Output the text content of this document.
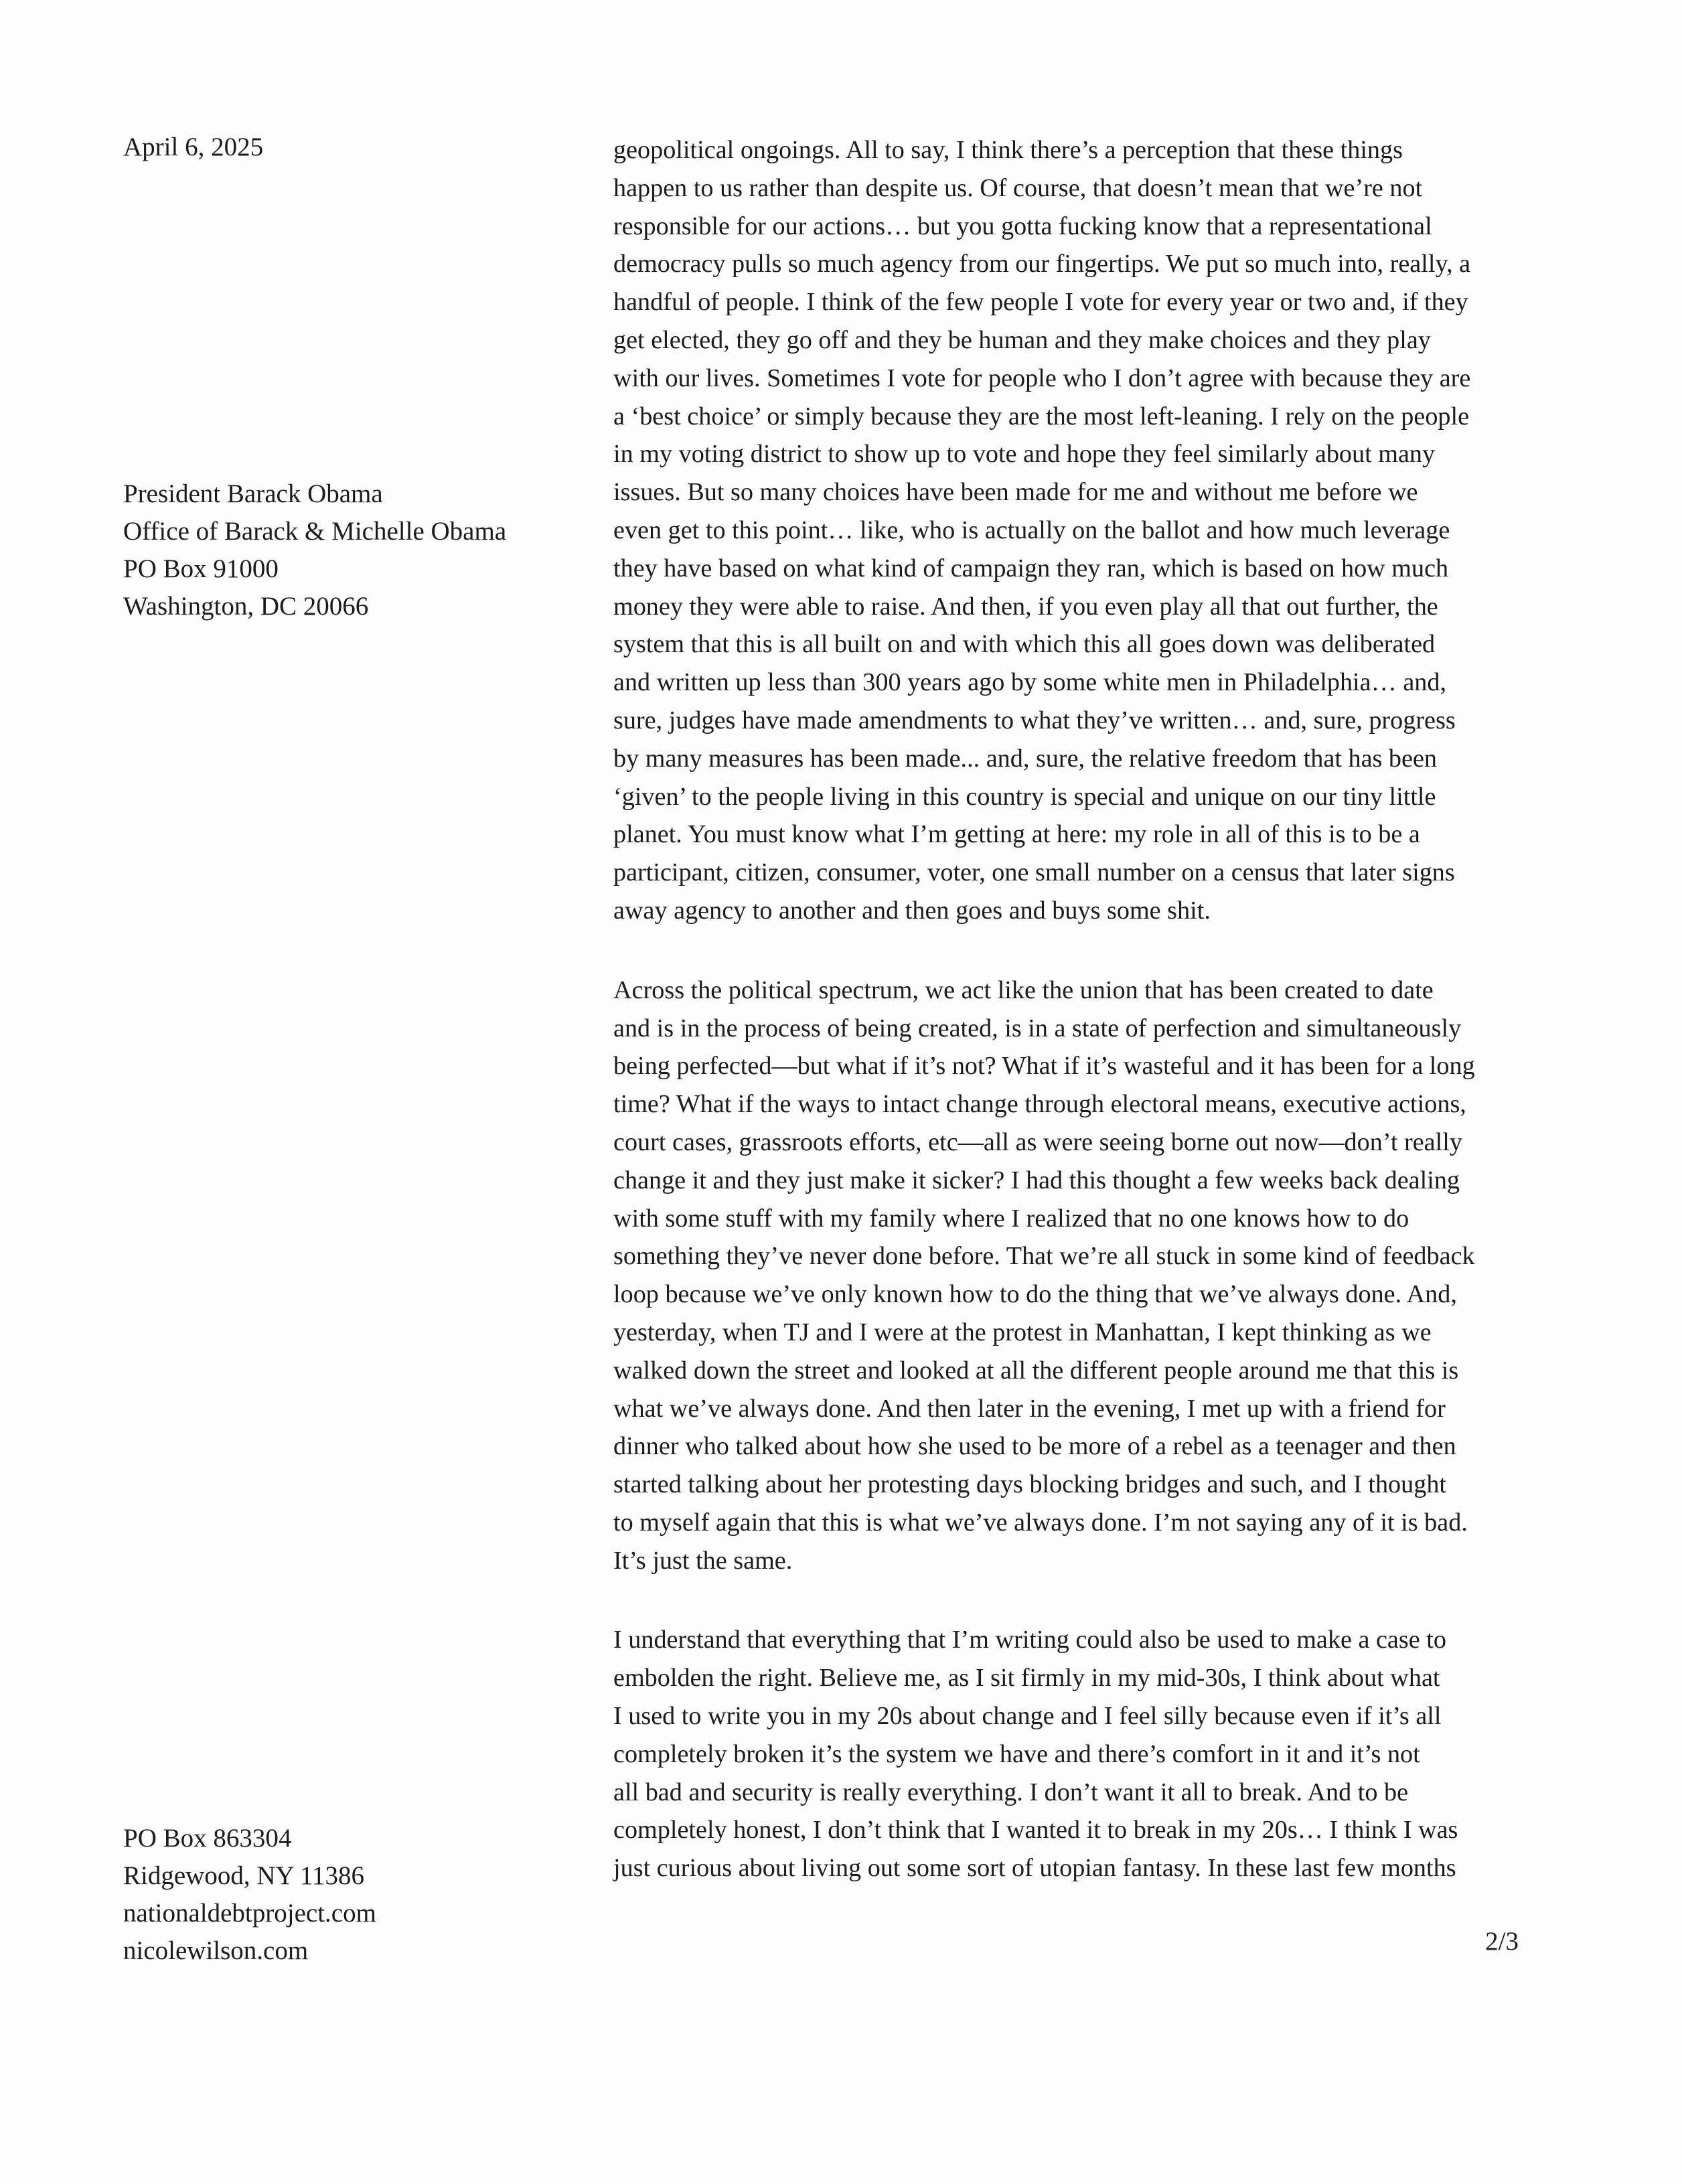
April 6, 2025
President Barack Obama
Office of Barack & Michelle Obama
PO Box 91000
Washington, DC 20066
PO Box 863304
Ridgewood, NY 11386
nationaldebtproject.com
nicolewilson.com
geopolitical ongoings. All to say, I think there’s a perception that these things
happen to us rather than despite us. Of course, that doesn’t mean that we’re not
responsible for our actions… but you gotta fucking know that a representational
democracy pulls so much agency from our fingertips. We put so much into, really, a
handful of people. I think of the few people I vote for every year or two and, if they
get elected, they go off and they be human and they make choices and they play
with our lives. Sometimes I vote for people who I don’t agree with because they are
a ‘best choice’ or simply because they are the most left-leaning. I rely on the people
in my voting district to show up to vote and hope they feel similarly about many
issues. But so many choices have been made for me and without me before we
even get to this point… like, who is actually on the ballot and how much leverage
they have based on what kind of campaign they ran, which is based on how much
money they were able to raise. And then, if you even play all that out further, the
system that this is all built on and with which this all goes down was deliberated
and written up less than 300 years ago by some white men in Philadelphia… and,
sure, judges have made amendments to what they’ve written… and, sure, progress
by many measures has been made... and, sure, the relative freedom that has been
‘given’ to the people living in this country is special and unique on our tiny little
planet. You must know what I’m getting at here: my role in all of this is to be a
participant, citizen, consumer, voter, one small number on a census that later signs
away agency to another and then goes and buys some shit.
Across the political spectrum, we act like the union that has been created to date
and is in the process of being created, is in a state of perfection and simultaneously
being perfected—but what if it’s not? What if it’s wasteful and it has been for a long
time? What if the ways to intact change through electoral means, executive actions,
court cases, grassroots efforts, etc—all as were seeing borne out now—don’t really
change it and they just make it sicker? I had this thought a few weeks back dealing
with some stuff with my family where I realized that no one knows how to do
something they’ve never done before. That we’re all stuck in some kind of feedback
loop because we’ve only known how to do the thing that we’ve always done. And,
yesterday, when TJ and I were at the protest in Manhattan, I kept thinking as we
walked down the street and looked at all the different people around me that this is
what we’ve always done. And then later in the evening, I met up with a friend for
dinner who talked about how she used to be more of a rebel as a teenager and then
started talking about her protesting days blocking bridges and such, and I thought
to myself again that this is what we’ve always done. I’m not saying any of it is bad.
It’s just the same.
I understand that everything that I’m writing could also be used to make a case to
embolden the right. Believe me, as I sit firmly in my mid-30s, I think about what
I used to write you in my 20s about change and I feel silly because even if it’s all
completely broken it’s the system we have and there’s comfort in it and it’s not
all bad and security is really everything. I don’t want it all to break. And to be
completely honest, I don’t think that I wanted it to break in my 20s… I think I was
just curious about living out some sort of utopian fantasy. In these last few months
2/3
